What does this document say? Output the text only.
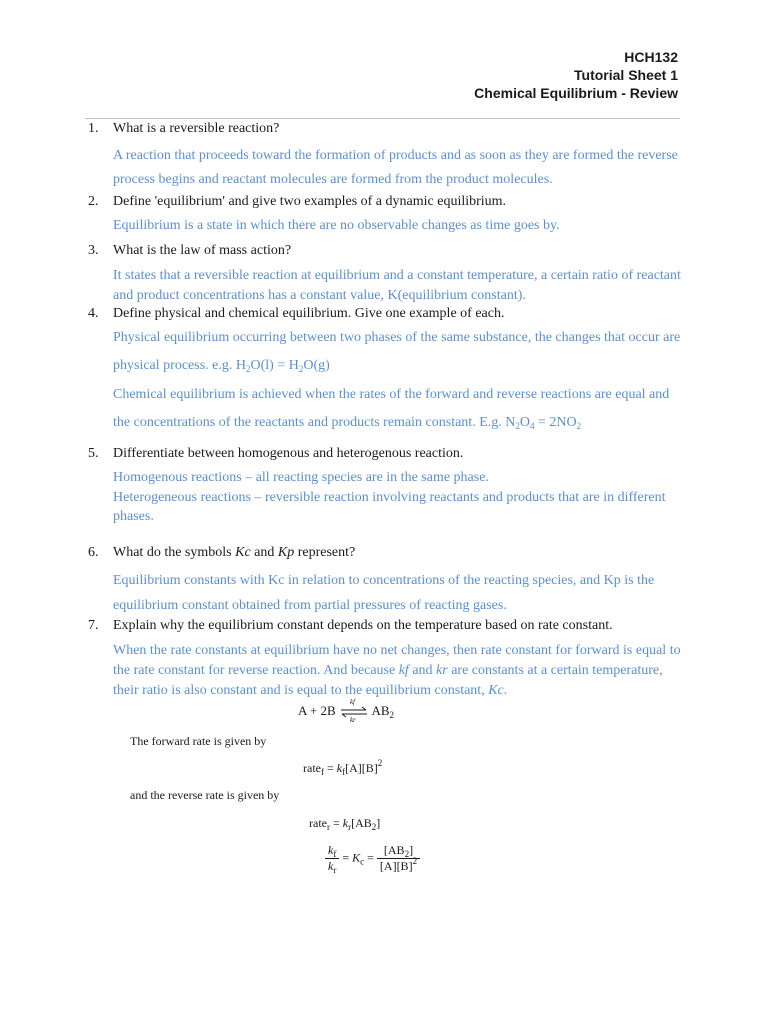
HCH132
Tutorial Sheet 1
Chemical Equilibrium - Review
1. What is a reversible reaction?
A reaction that proceeds toward the formation of products and as soon as they are formed the reverse
process begins and reactant molecules are formed from the product molecules.
2. Define 'equilibrium' and give two examples of a dynamic equilibrium.
Equilibrium is a state in which there are no observable changes as time goes by.
3. What is the law of mass action?
It states that a reversible reaction at equilibrium and a constant temperature, a certain ratio of reactant
and product concentrations has a constant value, K(equilibrium constant).
4. Define physical and chemical equilibrium. Give one example of each.
Physical equilibrium occurring between two phases of the same substance, the changes that occur are
physical process. e.g. $H_2O(l) = H_2O(g)$
Chemical equilibrium is achieved when the rates of the forward and reverse reactions are equal and
the concentrations of the reactants and products remain constant. E.g. $N_2O_4 = 2NO_2$
5. Differentiate between homogenous and heterogenous reaction.
Homogenous reactions – all reacting species are in the same phase.
Heterogeneous reactions – reversible reaction involving reactants and products that are in different
phases.
6. What do the symbols Kc and Kp represent?
Equilibrium constants with Kc in relation to concentrations of the reacting species, and Kp is the
equilibrium constant obtained from partial pressures of reacting gases.
7. Explain why the equilibrium constant depends on the temperature based on rate constant.
When the rate constants at equilibrium have no net changes, then rate constant for forward is equal to
the rate constant for reverse reaction. And because kf and kr are constants at a certain temperature,
their ratio is also constant and is equal to the equilibrium constant, Kc.
A + 2B
kf
kr
$AB_2$
The forward rate is given by
rate$_f$ = $k_f[A][B]^2$
and the reverse rate is given by
rate$_r$ = $k_r[AB_2]$
$\frac{k_f}{k_r} = K_c = \frac{[AB_2]}{[A][B]^2}$
